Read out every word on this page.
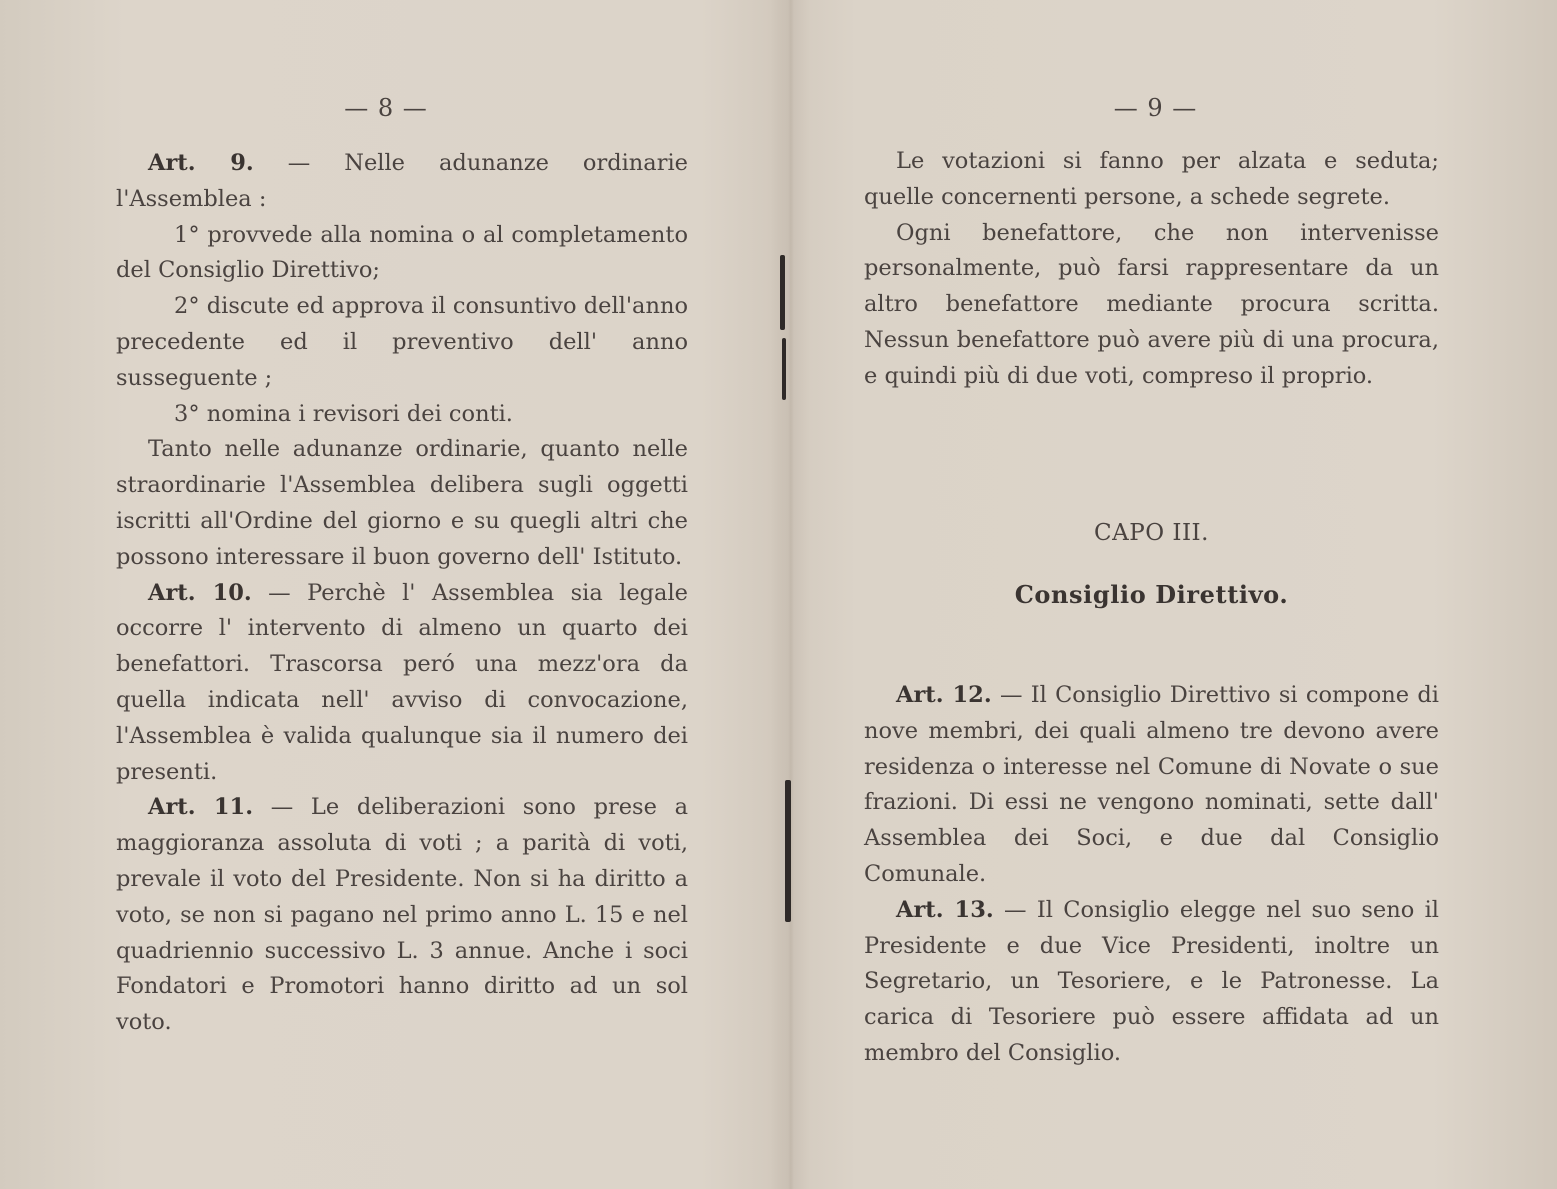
— 8 —

Art. 9. — Nelle adunanze ordinarie l'Assemblea :

1° provvede alla nomina o al completamento del Consiglio Direttivo;

2° discute ed approva il consuntivo dell'anno precedente ed il preventivo dell' anno susseguente ;

3° nomina i revisori dei conti.

Tanto nelle adunanze ordinarie, quanto nelle straordinarie l'Assemblea delibera sugli oggetti iscritti all'Ordine del giorno e su quegli altri che possono interessare il buon governo dell' Istituto.

Art. 10. — Perchè l' Assemblea sia legale occorre l' intervento di almeno un quarto dei benefattori. Trascorsa peró una mezz'ora da quella indicata nell' avviso di convocazione, l'Assemblea è valida qualunque sia il numero dei presenti.

Art. 11. — Le deliberazioni sono prese a maggioranza assoluta di voti ; a parità di voti, prevale il voto del Presidente. Non si ha diritto a voto, se non si pagano nel primo anno L. 15 e nel quadriennio successivo L. 3 annue. Anche i soci Fondatori e Promotori hanno diritto ad un sol voto.

— 9 —

Le votazioni si fanno per alzata e seduta; quelle concernenti persone, a schede segrete.

Ogni benefattore, che non intervenisse personalmente, può farsi rappresentare da un altro benefattore mediante procura scritta. Nessun benefattore può avere più di una procura, e quindi più di due voti, compreso il proprio.

CAPO III.
Consiglio Direttivo.

Art. 12. — Il Consiglio Direttivo si compone di nove membri, dei quali almeno tre devono avere residenza o interesse nel Comune di Novate o sue frazioni. Di essi ne vengono nominati, sette dall' Assemblea dei Soci, e due dal Consiglio Comunale.

Art. 13. — Il Consiglio elegge nel suo seno il Presidente e due Vice Presidenti, inoltre un Segretario, un Tesoriere, e le Patronesse. La carica di Tesoriere può essere affidata ad un membro del Consiglio.
